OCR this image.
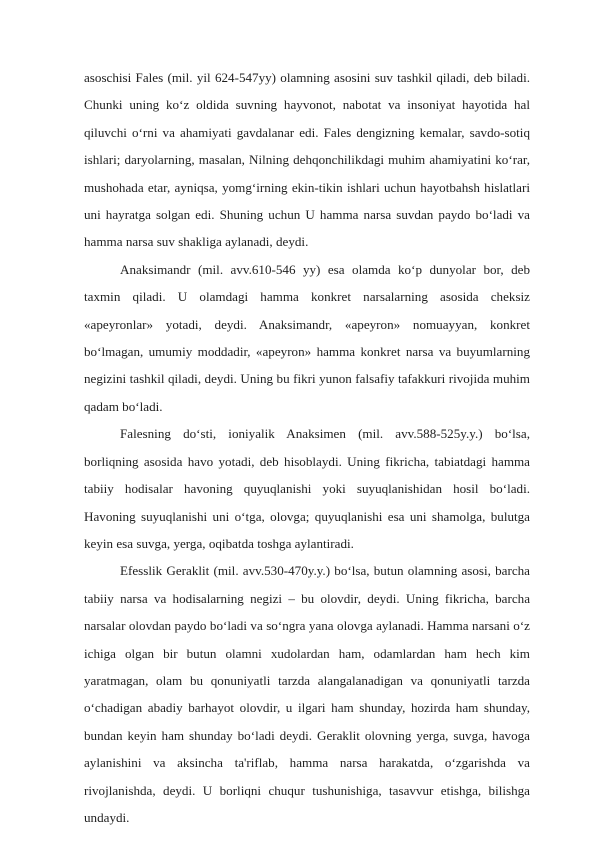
asoschisi Fales (mil. yil 624-547yy) olamning asosini suv tashkil qiladi, deb biladi. Chunki uning ko‘z oldida suvning hayvonot, nabotat va insoniyat hayotida hal qiluvchi o‘rni va ahamiyati gavdalanar edi. Fales dengizning kemalar, savdo-sotiq ishlari; daryolarning, masalan, Nilning dehqonchilikdagi muhim ahamiyatini ko‘rar, mushohada etar, ayniqsa, yomg‘irning ekin-tikin ishlari uchun hayotbahsh hislatlari uni hayratga solgan edi. Shuning uchun U hamma narsa suvdan paydo bo‘ladi va hamma narsa suv shakliga aylanadi, deydi.

Anaksimandr (mil. avv.610-546 yy) esa olamda ko‘p dunyolar bor, deb taxmin qiladi. U olamdagi hamma konkret narsalarning asosida cheksiz «apeyronlar» yotadi, deydi. Anaksimandr, «apeyron» nomuayyan, konkret bo‘lmagan, umumiy moddadir, «apeyron» hamma konkret narsa va buyumlarning negizini tashkil qiladi, deydi. Uning bu fikri yunon falsafiy tafakkuri rivojida muhim qadam bo‘ladi.

Falesning do‘sti, ioniyalik Anaksimen (mil. avv.588-525y.y.) bo‘lsa, borliqning asosida havo yotadi, deb hisoblaydi. Uning fikricha, tabiatdagi hamma tabiiy hodisalar havoning quyuqlanishi yoki suyuqlanishidan hosil bo‘ladi. Havoning suyuqlanishi uni o‘tga, olovga; quyuqlanishi esa uni shamolga, bulutga keyin esa suvga, yerga, oqibatda toshga aylantiradi.

Efesslik Geraklit (mil. avv.530-470y.y.) bo‘lsa, butun olamning asosi, barcha tabiiy narsa va hodisalarning negizi – bu olovdir, deydi. Uning fikricha, barcha narsalar olovdan paydo bo‘ladi va so‘ngra yana olovga aylanadi. Hamma narsani o‘z ichiga olgan bir butun olamni xudolardan ham, odamlardan ham hech kim yaratmagan, olam bu qonuniyatli tarzda alangalanadigan va qonuniyatli tarzda o‘chadigan abadiy barhayot olovdir, u ilgari ham shunday, hozirda ham shunday, bundan keyin ham shunday bo‘ladi deydi. Geraklit olovning yerga, suvga, havoga aylanishini va aksincha ta'riflab, hamma narsa harakatda, o‘zgarishda va rivojlanishda, deydi. U borliqni chuqur tushunishiga, tasavvur etishga, bilishga undaydi.
